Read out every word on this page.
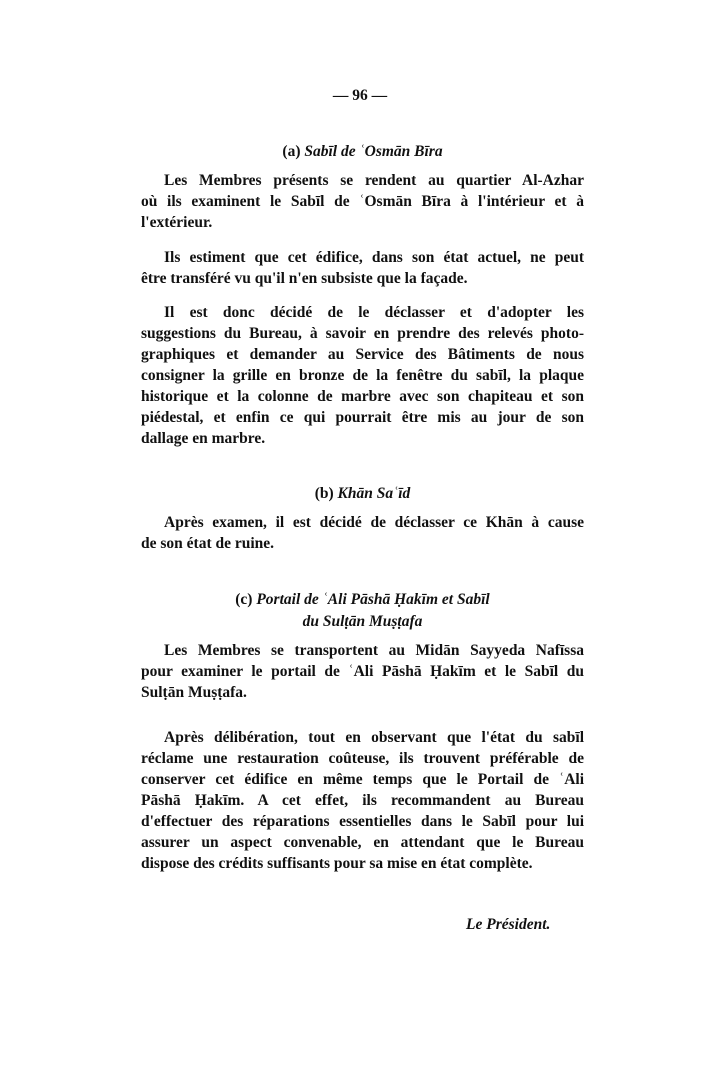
— 96 —
(a) Sabīl de ʿOsmān Bīra
Les Membres présents se rendent au quartier Al-Azhar
où ils examinent le Sabīl de ʿOsmān Bīra à l'intérieur et à
l'extérieur.
Ils estiment que cet édifice, dans son état actuel, ne peut
être transféré vu qu'il n'en subsiste que la façade.
Il est donc décidé de le déclasser et d'adopter les
suggestions du Bureau, à savoir en prendre des relevés photo-
graphiques et demander au Service des Bâtiments de nous
consigner la grille en bronze de la fenêtre du sabīl, la plaque
historique et la colonne de marbre avec son chapiteau et son
piédestal, et enfin ce qui pourrait être mis au jour de son
dallage en marbre.
(b) Khān Saʿīd
Après examen, il est décidé de déclasser ce Khān à cause
de son état de ruine.
(c) Portail de ʿAli Pāshā Ḥakīm et Sabīl
du Sulṭān Muṣṭafa
Les Membres se transportent au Midān Sayyeda Nafīssa
pour examiner le portail de ʿAli Pāshā Ḥakīm et le Sabīl du
Sulṭān Muṣṭafa.
Après délibération, tout en observant que l'état du sabīl
réclame une restauration coûteuse, ils trouvent préférable de
conserver cet édifice en même temps que le Portail de ʿAli
Pāshā Ḥakīm. A cet effet, ils recommandent au Bureau
d'effectuer des réparations essentielles dans le Sabīl pour lui
assurer un aspect convenable, en attendant que le Bureau
dispose des crédits suffisants pour sa mise en état complète.
Le Président.
